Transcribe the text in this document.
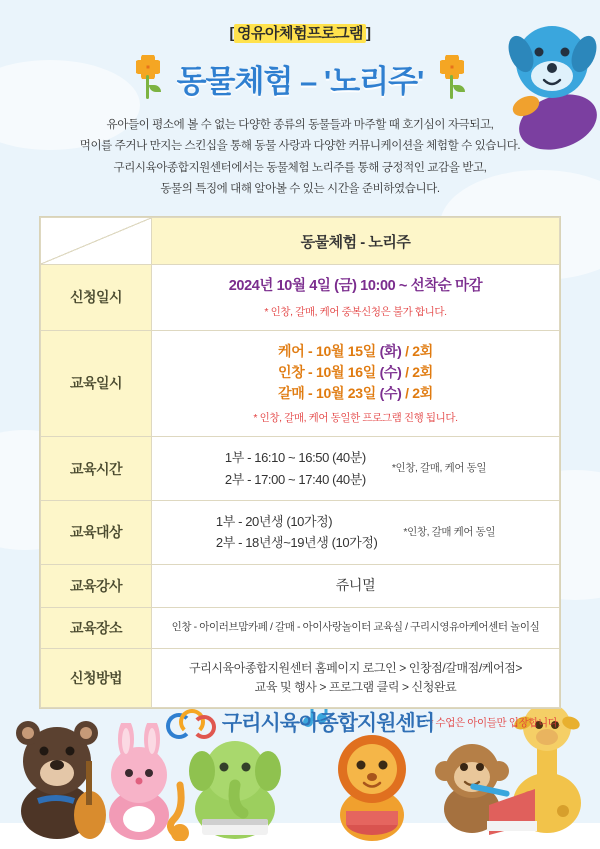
[ 영유아체험프로그램 ]
동물체험 – '노리주'
유아들이 평소에 볼 수 없는 다양한 종류의 동물들과 마주할 때 호기심이 자극되고,
먹이를 주거나 만지는 스킨십을 통해 동물 사랑과 다양한 커뮤니케이션을 체험할 수 있습니다.
구리시육아종합지원센터에서는 동물체험 노리주를 통해 긍정적인 교감을 받고,
동물의 특징에 대해 알아볼 수 있는 시간을 준비하였습니다.
	동물체험 - 노리주
신청일시	2024년 10월 4일 (금) 10:00 ~ 선착순 마감
* 인창, 갈매, 케어 중복신청은 불가 합니다.

교육일시	케어 - 10월 15일 (화) / 2회
인창 - 10월 16일 (수) / 2회
갈매 - 10월 23일 (수) / 2회
* 인창, 갈매, 케어 동일한 프로그램 진행 됩니다.

교육시간	1부 - 16:10 ~ 16:50 (40분)
2부 - 17:00 ~ 17:40 (40분)
*인창, 갈매, 케어 동일

교육대상	1부 - 20년생 (10가정)
2부 - 18년생~19년생 (10가정)
*인창, 갈매 케어 동일

교육강사	쥬니멀
교육장소	인창 - 아이러브맘카페 / 갈매 - 아이사랑놀이터 교육실 / 구리시영유아케어센터 놀이실
신청방법	구리시육아종합지원센터 홈페이지 로그인 > 인창점/갈매점/케어점>
교육 및 행사 > 프로그램 클릭 > 신청완료
* 수업은 아이들만 입장합니다.
구리시육아종합지원센터
